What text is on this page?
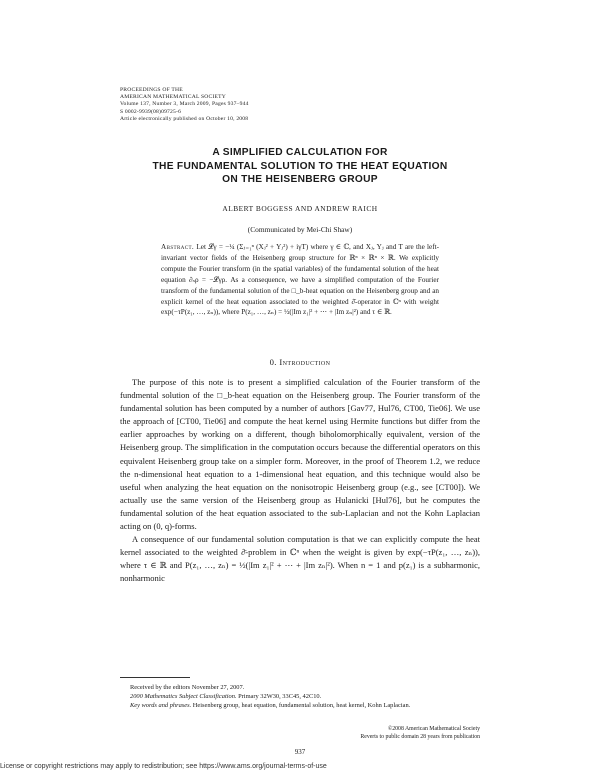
PROCEEDINGS OF THE
AMERICAN MATHEMATICAL SOCIETY
Volume 137, Number 3, March 2009, Pages 937–944
S 0002-9939(08)09725-6
Article electronically published on October 10, 2008
A SIMPLIFIED CALCULATION FOR
THE FUNDAMENTAL SOLUTION TO THE HEAT EQUATION
ON THE HEISENBERG GROUP
ALBERT BOGGESS AND ANDREW RAICH
(Communicated by Mei-Chi Shaw)
Abstract. Let 𝓛γ = −¼ (Σⱼ₌₁ⁿ (Xⱼ² + Yⱼ²) + iγT) where γ ∈ ℂ, and Xⱼ, Yⱼ and T are the left-invariant vector fields of the Heisenberg group structure for ℝⁿ × ℝⁿ × ℝ. We explicitly compute the Fourier transform (in the spatial variables) of the fundamental solution of the heat equation ∂ₛρ = −𝓛γρ. As a consequence, we have a simplified computation of the Fourier transform of the fundamental solution of the □_b-heat equation on the Heisenberg group and an explicit kernel of the heat equation associated to the weighted ∂̄-operator in ℂⁿ with weight exp(−τP(z₁, …, zₙ)), where P(z₁, …, zₙ) = ½(|Im z₁|² + ⋯ + |Im zₙ|²) and τ ∈ ℝ.
0. Introduction

The purpose of this note is to present a simplified calculation of the Fourier transform of the fundmental solution of the □_b-heat equation on the Heisenberg group. The Fourier transform of the fundamental solution has been computed by a number of authors [Gav77, Hul76, CT00, Tie06]. We use the approach of [CT00, Tie06] and compute the heat kernel using Hermite functions but differ from the earlier approaches by working on a different, though biholomorphically equivalent, version of the Heisenberg group. The simplification in the computation occurs because the differential operators on this equivalent Heisenberg group take on a simpler form. Moreover, in the proof of Theorem 1.2, we reduce the n-dimensional heat equation to a 1-dimensional heat equation, and this technique would also be useful when analyzing the heat equation on the nonisotropic Heisenberg group (e.g., see [CT00]). We actually use the same version of the Heisenberg group as Hulanicki [Hul76], but he computes the fundamental solution of the heat equation associated to the sub-Laplacian and not the Kohn Laplacian acting on (0, q)-forms.

A consequence of our fundamental solution computation is that we can explicitly compute the heat kernel associated to the weighted ∂̄-problem in ℂⁿ when the weight is given by exp(−τP(z₁, …, zₙ)), where τ ∈ ℝ and P(z₁, …, zₙ) = ½(|Im z₁|² + ⋯ + |Im zₙ|²). When n = 1 and p(z₁) is a subharmonic, nonharmonic

Received by the editors November 27, 2007.
2000 Mathematics Subject Classification. Primary 32W30, 33C45, 42C10.
Key words and phrases. Heisenberg group, heat equation, fundamental solution, heat kernel, Kohn Laplacian.
©2008 American Mathematical Society
Reverts to public domain 28 years from publication
937
License or copyright restrictions may apply to redistribution; see https://www.ams.org/journal-terms-of-use
